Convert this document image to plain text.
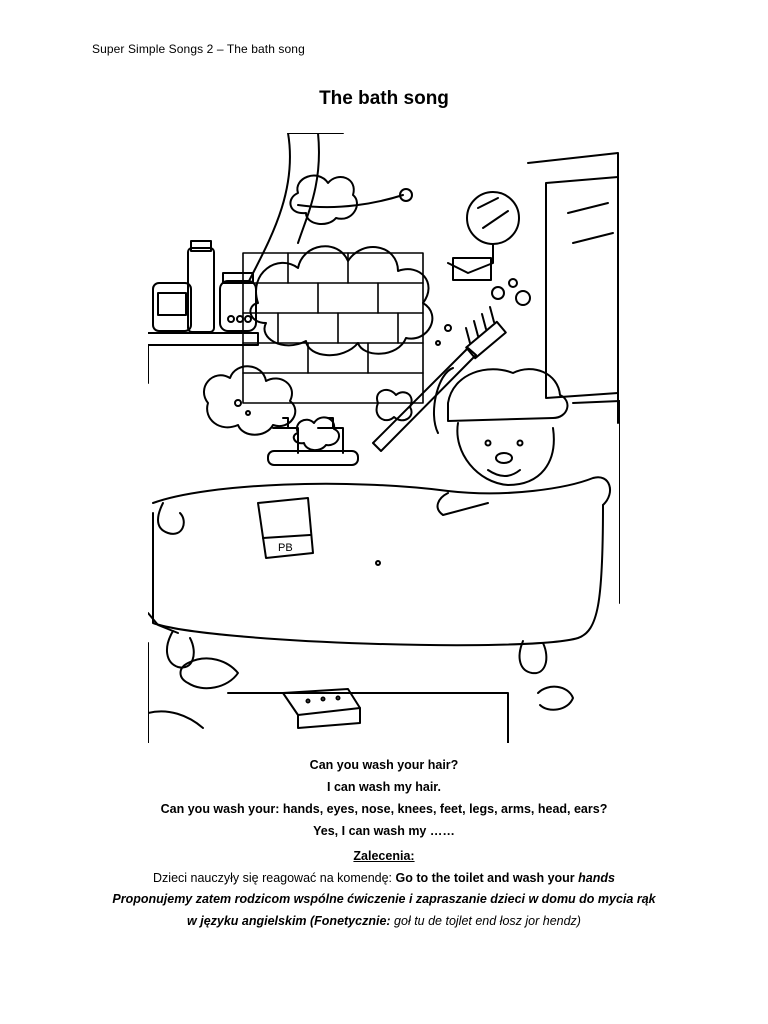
Super Simple Songs 2 – The bath song
The bath song
PB
Can you wash your hair?
I can wash my hair.
Can you wash your: hands, eyes, nose, knees, feet, legs, arms, head, ears?
Yes, I can wash my ……
Zalecenia:
Dzieci nauczyły się reagować na komendę: Go to the toilet and wash your hands
Proponujemy zatem rodzicom wspólne ćwiczenie i zapraszanie dzieci w domu do mycia rąk
w języku angielskim (Fonetycznie: goł tu de tojlet end łosz jor hendz)
